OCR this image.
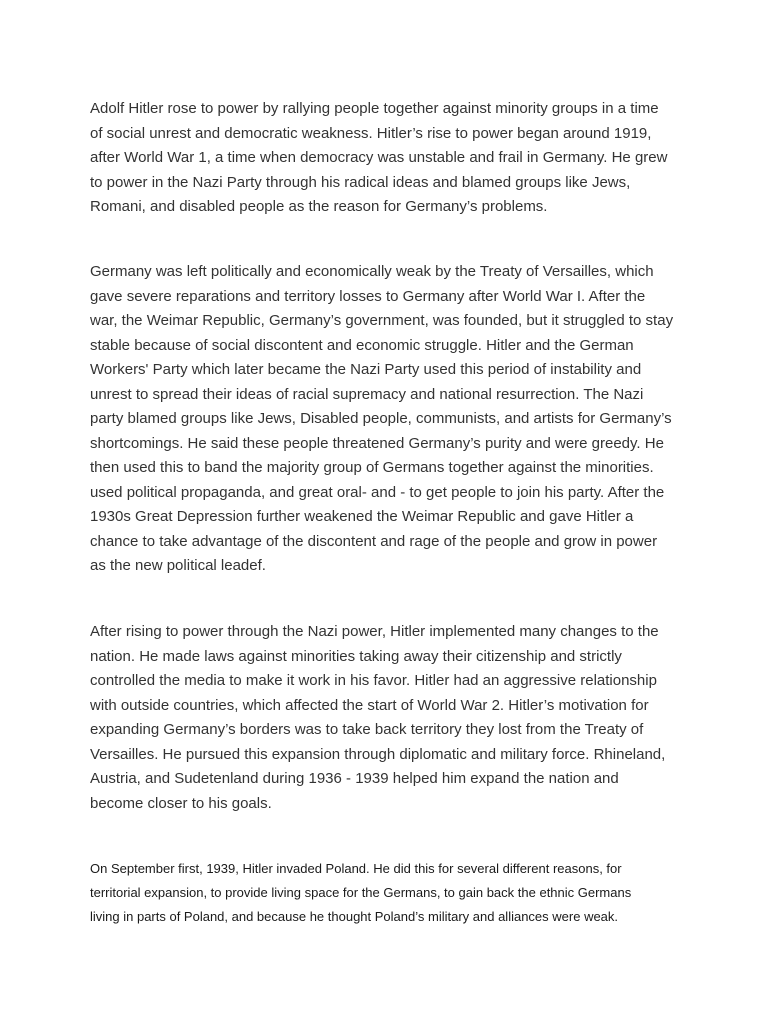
Adolf Hitler rose to power by rallying people together against minority groups in a time
of social unrest and democratic weakness. Hitler’s rise to power began around 1919,
after World War 1, a time when democracy was unstable and frail in Germany. He grew
to power in the Nazi Party through his radical ideas and blamed groups like Jews,
Romani, and disabled people as the reason for Germany’s problems.

Germany was left politically and economically weak by the Treaty of Versailles, which
gave severe reparations and territory losses to Germany after World War I. After the
war, the Weimar Republic, Germany’s government, was founded, but it struggled to stay
stable because of social discontent and economic struggle. Hitler and the German
Workers' Party which later became the Nazi Party used this period of instability and
unrest to spread their ideas of racial supremacy and national resurrection. The Nazi
party blamed groups like Jews, Disabled people, communists, and artists for Germany’s
shortcomings. He said these people threatened Germany’s purity and were greedy. He
then used this to band the majority group of Germans together against the minorities.
used political propaganda, and great oral- and - to get people to join his party. After the
1930s Great Depression further weakened the Weimar Republic and gave Hitler a
chance to take advantage of the discontent and rage of the people and grow in power
as the new political leadef.

After rising to power through the Nazi power, Hitler implemented many changes to the
nation. He made laws against minorities taking away their citizenship and strictly
controlled the media to make it work in his favor. Hitler had an aggressive relationship
with outside countries, which affected the start of World War 2. Hitler’s motivation for
expanding Germany’s borders was to take back territory they lost from the Treaty of
Versailles. He pursued this expansion through diplomatic and military force. Rhineland,
Austria, and Sudetenland during 1936 - 1939 helped him expand the nation and
become closer to his goals.

On September first, 1939, Hitler invaded Poland. He did this for several different reasons, for
territorial expansion, to provide living space for the Germans, to gain back the ethnic Germans
living in parts of Poland, and because he thought Poland’s military and alliances were weak.
